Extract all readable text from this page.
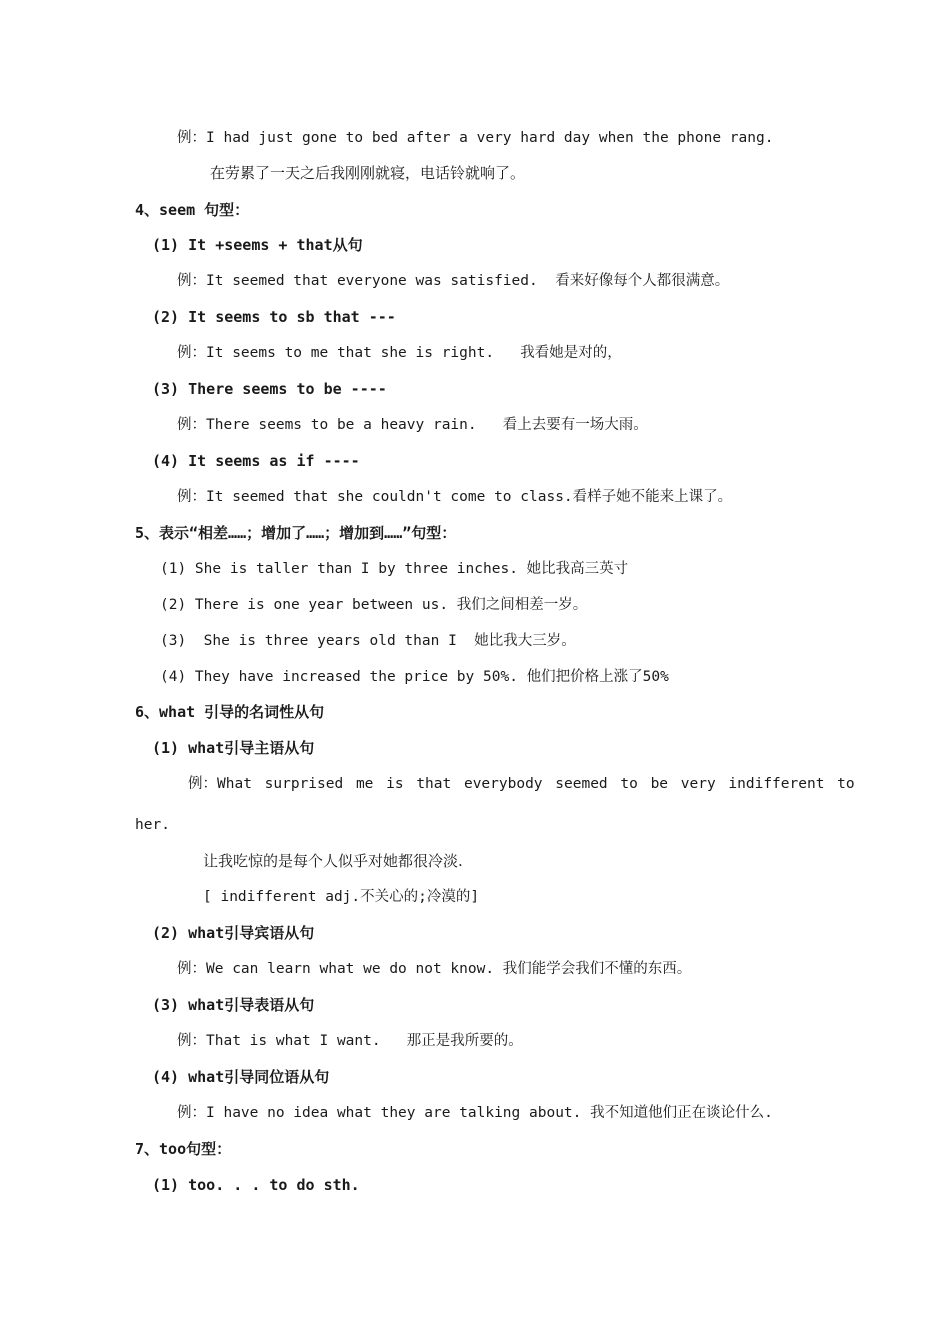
例：I had just gone to bed after a very hard day when the phone rang.
在劳累了一天之后我刚刚就寝，电话铃就响了。
4、seem 句型：
(1) It +seems + that从句
例：It seemed that everyone was satisfied.  看来好像每个人都很满意。
(2) It seems to sb that ---
例：It seems to me that she is right.   我看她是对的，
(3) There seems to be ----
例：There seems to be a heavy rain.   看上去要有一场大雨。
(4) It seems as if ----
例：It seemed that she couldn't come to class.看样子她不能来上课了。
5、表示“相差……；增加了……；增加到……”句型：
(1) She is taller than I by three inches. 她比我高三英寸
(2) There is one year between us. 我们之间相差一岁。
(3)  She is three years old than I  她比我大三岁。
(4) They have increased the price by 50%. 他们把价格上涨了50%
6、what 引导的名词性从句
(1) what引导主语从句
例：What surprised me is that everybody seemed to be very indifferent to
her.
让我吃惊的是每个人似乎对她都很冷淡.
[ indifferent adj.不关心的;冷漠的]
(2) what引导宾语从句
例：We can learn what we do not know. 我们能学会我们不懂的东西。
(3) what引导表语从句
例：That is what I want.   那正是我所要的。
(4) what引导同位语从句
例：I have no idea what they are talking about. 我不知道他们正在谈论什么.
7、too句型：
(1) too. . . to do sth.
